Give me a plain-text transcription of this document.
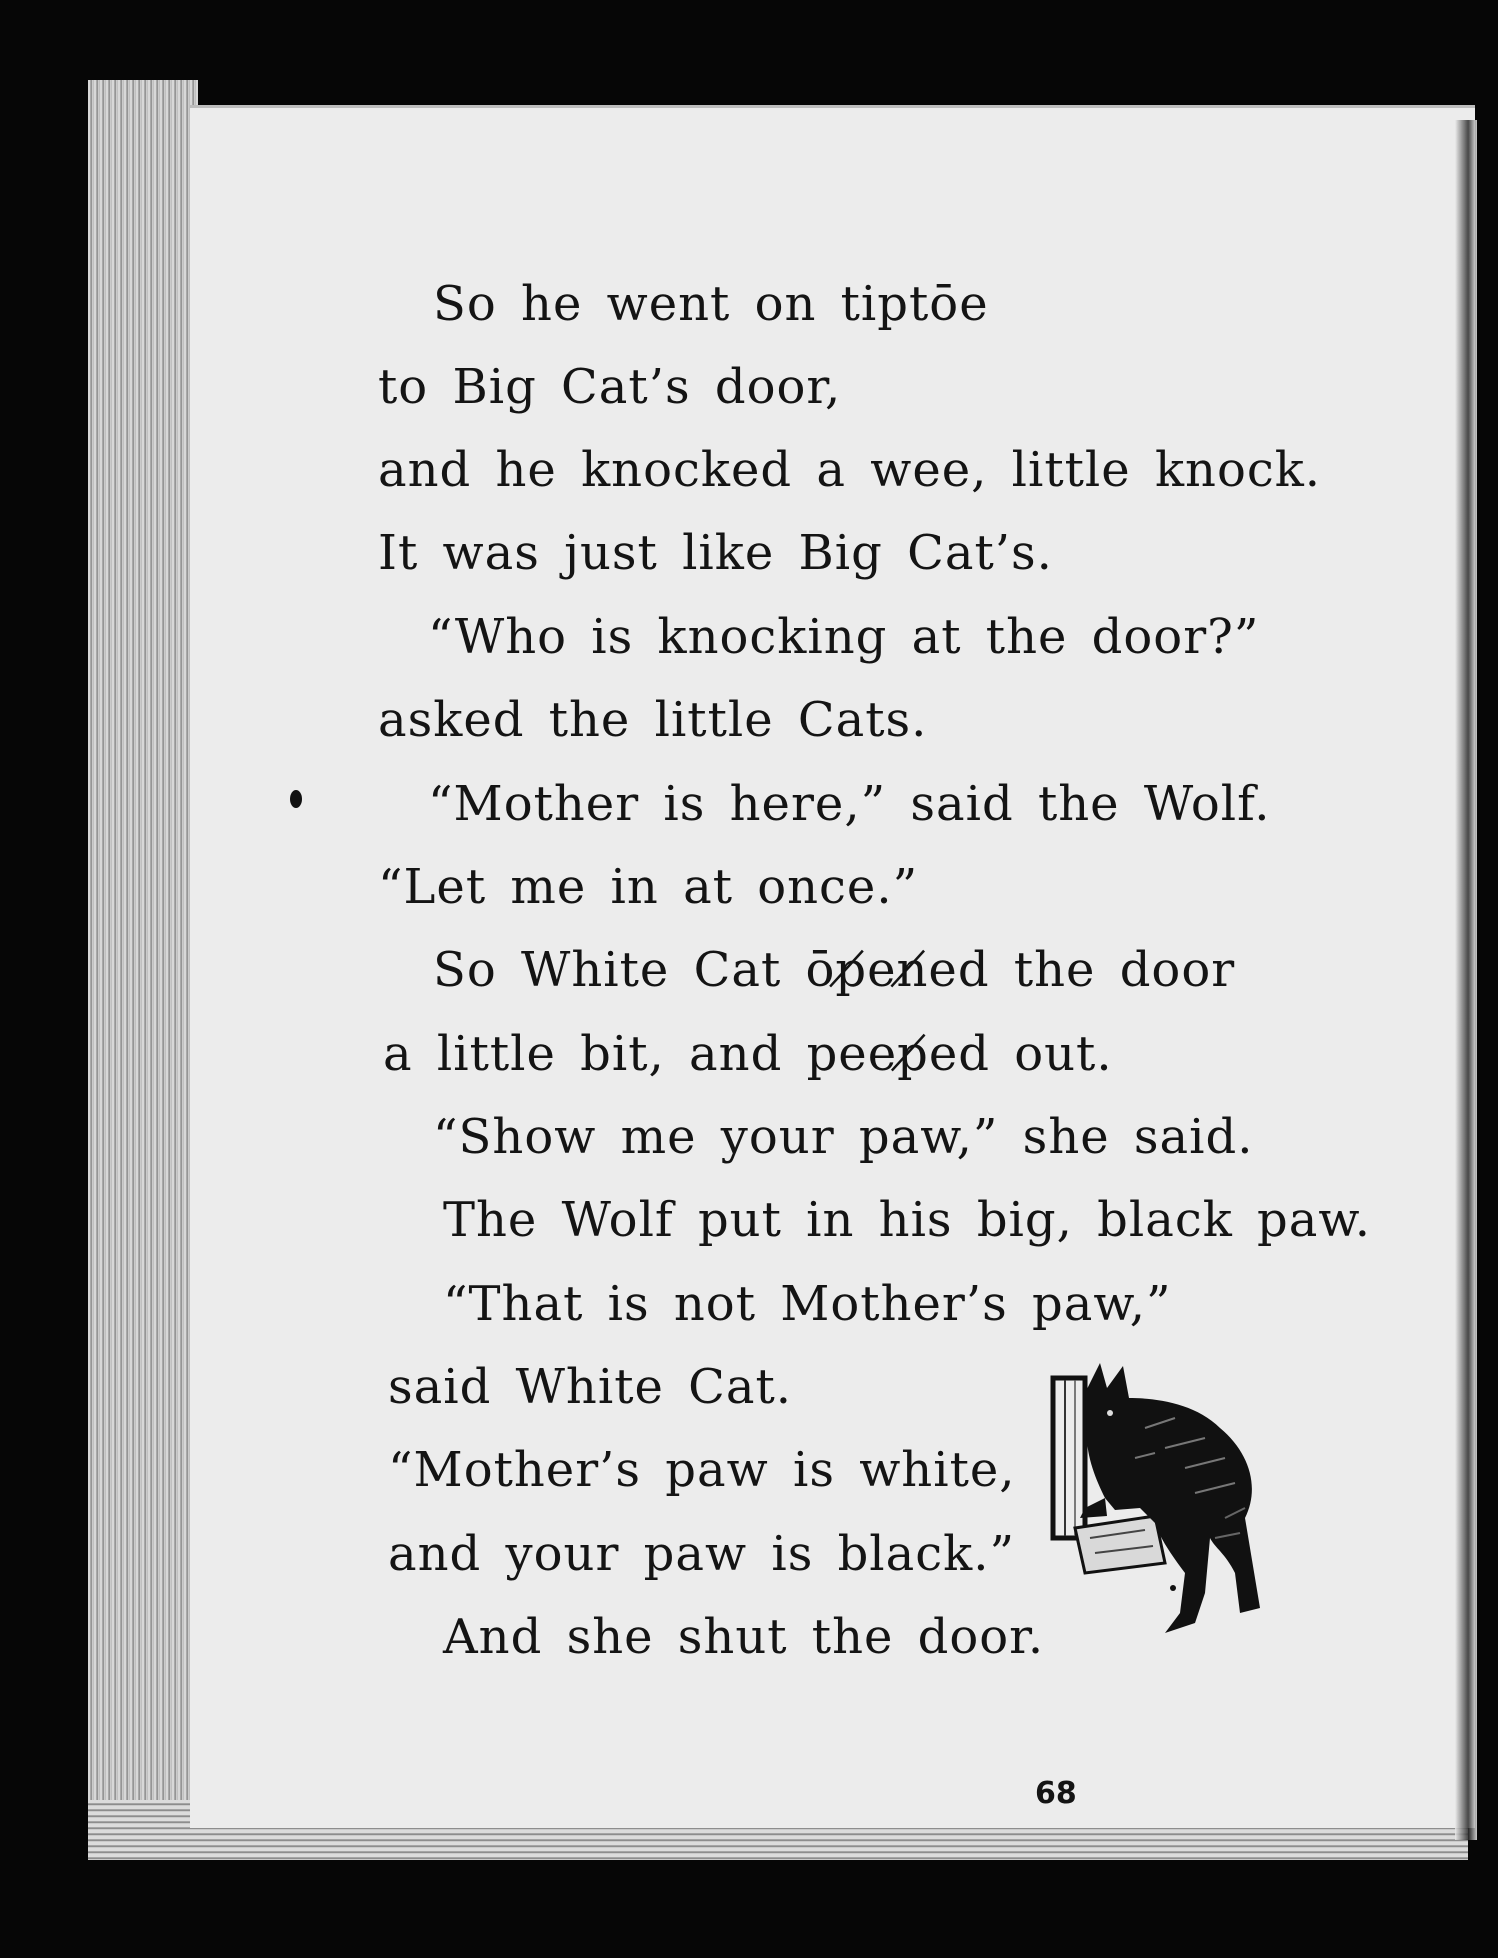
So he went on tiptōe
to Big Cat’s door,
and he knocked a wee, little knock.
It was just like Big Cat’s.
“Who is knocking at the door?”
asked the little Cats.
“Mother is here,” said the Wolf.
“Let me in at once.”
So White Cat ōp̸en̸ed the door
a little bit, and peep̸ed out.
“Show me your paw,” she said.
The Wolf put in his big, black paw.
“That is not Mother’s paw,”
said White Cat.
“Mother’s paw is white,
and your paw is black.”
And she shut the door.
68
